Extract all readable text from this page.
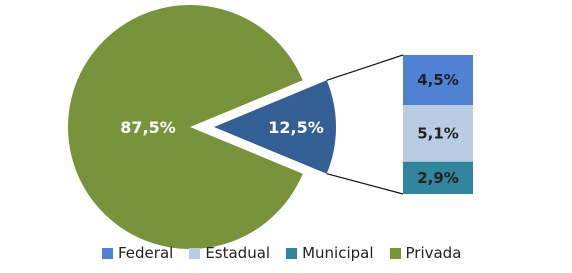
87,5%	12,5%
4,5%
5,1%
2,9%
Federal Estadual Municipal Privada
